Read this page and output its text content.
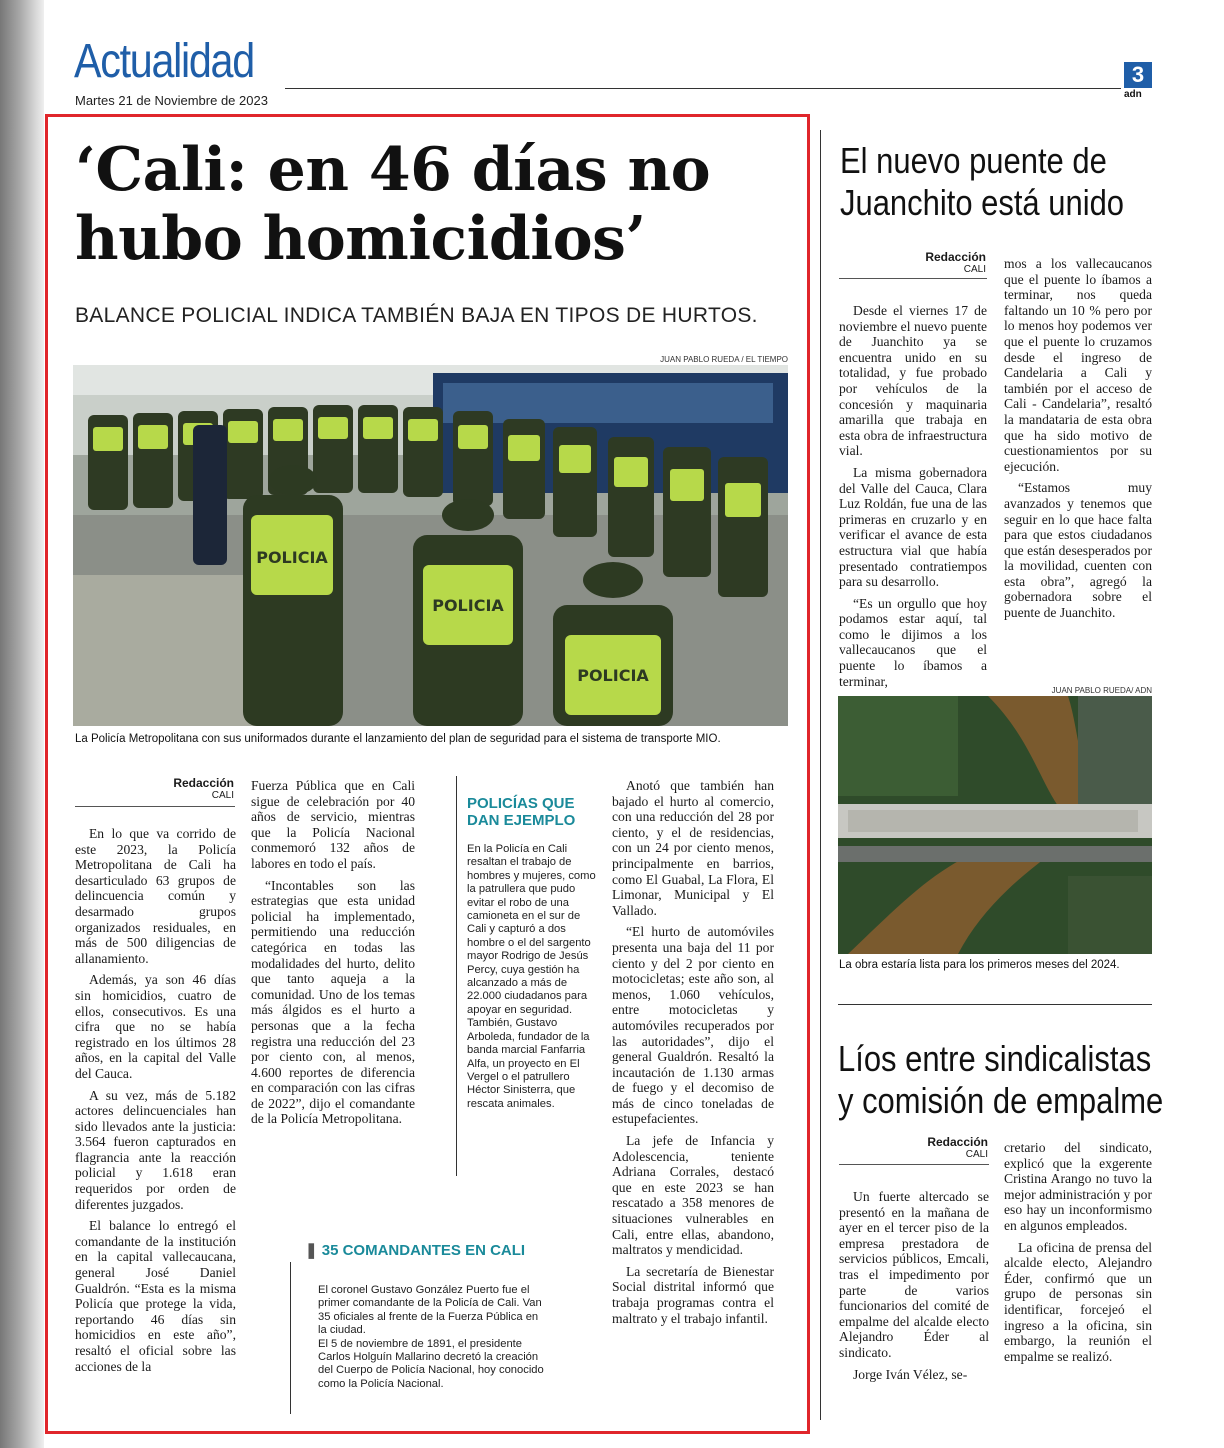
Actualidad
Martes 21 de Noviembre de 2023
3
adn
‘Cali: en 46 días no
hubo homicidios’
BALANCE POLICIAL INDICA TAMBIÉN BAJA EN TIPOS DE HURTOS.
JUAN PABLO RUEDA / EL TIEMPO
POLICIA
POLICIA
POLICIA
La Policía Metropolitana con sus uniformados durante el lanzamiento del plan de seguridad para el sistema de transporte MIO.
Redacción
CALI

En lo que va corrido de este 2023, la Policía Metropolitana de Cali ha desarticulado 63 grupos de delincuencia común y desarmado grupos organizados residuales, en más de 500 diligencias de allanamiento.

Además, ya son 46 días sin homicidios, cuatro de ellos, consecutivos. Es una cifra que no se había registrado en los últimos 28 años, en la capital del Valle del Cauca.

A su vez, más de 5.182 actores delincuenciales han sido llevados ante la justicia: 3.564 fueron capturados en flagrancia ante la reacción policial y 1.618 eran requeridos por orden de diferentes juzgados.

El balance lo entregó el comandante de la institución en la capital vallecaucana, general José Daniel Gualdrón. “Esta es la misma Policía que protege la vida, reportando 46 días sin homicidios en este año”, resaltó el oficial sobre las acciones de la

Fuerza Pública que en Cali sigue de celebración por 40 años de servicio, mientras que la Policía Nacional conmemoró 132 años de labores en todo el país.

“Incontables son las estrategias que esta unidad policial ha implementado, permitiendo una reducción categórica en todas las modalidades del hurto, delito que tanto aqueja a la comunidad. Uno de los temas más álgidos es el hurto a personas que a la fecha registra una reducción del 23 por ciento con, al menos, 4.600 reportes de diferencia en comparación con las cifras de 2022”, dijo el comandante de la Policía Metropolitana.

POLICÍAS QUE DAN EJEMPLO
En la Policía en Cali resaltan el trabajo de hombres y mujeres, como la patrullera que pudo evitar el robo de una camioneta en el sur de Cali y capturó a dos hombre o el del sargento mayor Rodrigo de Jesús Percy, cuya gestión ha alcanzado a más de 22.000 ciudadanos para apoyar en seguridad. También, Gustavo Arboleda, fundador de la banda marcial Fanfarria Alfa, un proyecto en El Vergel o el patrullero Héctor Sinisterra, que rescata animales.
❚ 35 COMANDANTES EN CALI
El coronel Gustavo González Puerto fue el primer comandante de la Policía de Cali. Van 35 oficiales al frente de la Fuerza Pública en la ciudad.
El 5 de noviembre de 1891, el presidente Carlos Holguín Mallarino decretó la creación del Cuerpo de Policía Nacional, hoy conocido como la Policía Nacional.

Anotó que también han bajado el hurto al comercio, con una reducción del 28 por ciento, y el de residencias, con un 24 por ciento menos, principalmente en barrios, como El Guabal, La Flora, El Limonar, Municipal y El Vallado.

“El hurto de automóviles presenta una baja del 11 por ciento y del 2 por ciento en motocicletas; este año son, al menos, 1.060 vehículos, entre motocicletas y automóviles recuperados por las autoridades”, dijo el general Gualdrón. Resaltó la incautación de 1.130 armas de fuego y el decomiso de más de cinco toneladas de estupefacientes.

La jefe de Infancia y Adolescencia, teniente Adriana Corrales, destacó que en este 2023 se han rescatado a 358 menores de situaciones vulnerables en Cali, entre ellas, abandono, maltratos y mendicidad.

La secretaría de Bienestar Social distrital informó que trabaja programas contra el maltrato y el trabajo infantil.

El nuevo puente de
Juanchito está unido
Redacción
CALI

Desde el viernes 17 de noviembre el nuevo puente de Juanchito ya se encuentra unido en su totalidad, y fue probado por vehículos de la concesión y maquinaria amarilla que trabaja en esta obra de infraestructura vial.

La misma gobernadora del Valle del Cauca, Clara Luz Roldán, fue una de las primeras en cruzarlo y en verificar el avance de esta estructura vial que había presentado contratiempos para su desarrollo.

“Es un orgullo que hoy podamos estar aquí, tal como le dijimos a los vallecaucanos que el puente lo íbamos a terminar,

mos a los vallecaucanos que el puente lo íbamos a terminar, nos queda faltando un 10 % pero por lo menos hoy podemos ver que el puente lo cruzamos desde el ingreso de Candelaria a Cali y también por el acceso de Cali - Candelaria”, resaltó la mandataria de esta obra que ha sido motivo de cuestionamientos por su ejecución.

“Estamos muy avanzados y tenemos que seguir en lo que hace falta para que estos ciudadanos que están desesperados por la movilidad, cuenten con esta obra”, agregó la gobernadora sobre el puente de Juanchito.

JUAN PABLO RUEDA/ ADN
La obra estaría lista para los primeros meses del 2024.
Líos entre sindicalistas
y comisión de empalme
Redacción
CALI

Un fuerte altercado se presentó en la mañana de ayer en el tercer piso de la empresa prestadora de servicios públicos, Emcali, tras el impedimento por parte de varios funcionarios del comité de empalme del alcalde electo Alejandro Éder al sindicato.

Jorge Iván Vélez, se-

cretario del sindicato, explicó que la exgerente Cristina Arango no tuvo la mejor administración y por eso hay un inconformismo en algunos empleados.

La oficina de prensa del alcalde electo, Alejandro Éder, confirmó que un grupo de personas sin identificar, forcejeó el ingreso a la oficina, sin embargo, la reunión el empalme se realizó.
